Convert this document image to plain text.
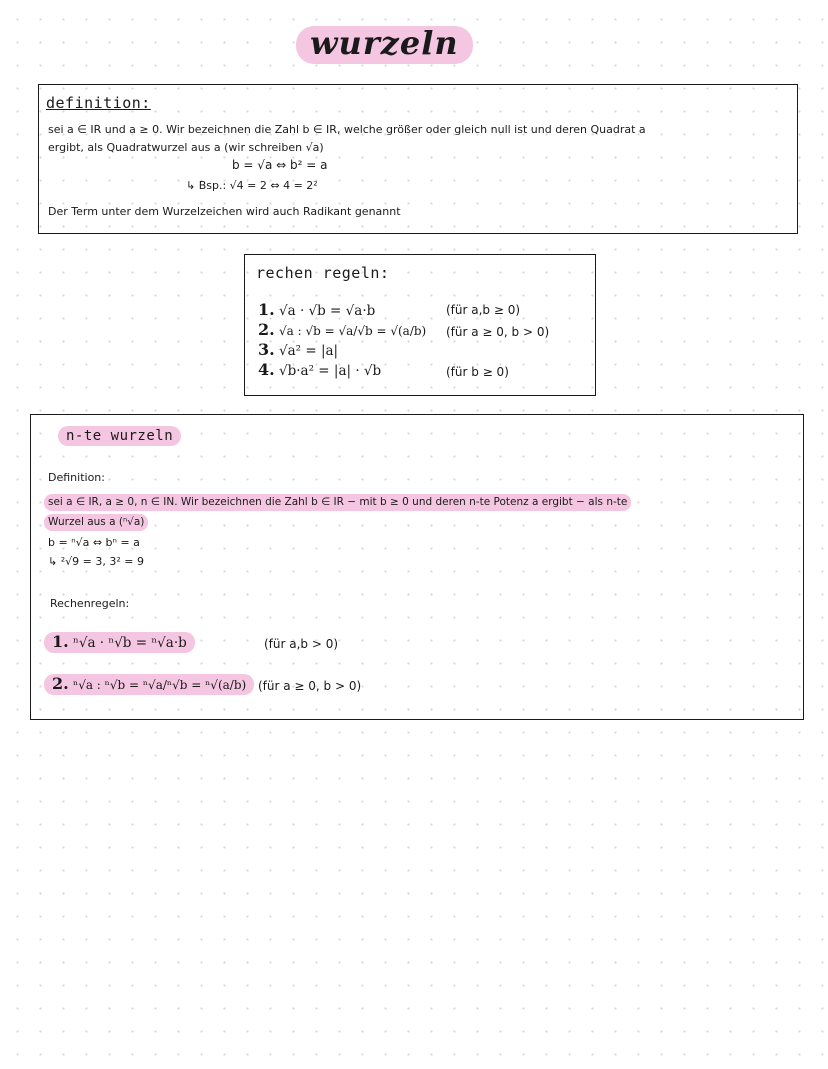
wurzeln
definition:
sei a ∈ IR und a ≥ 0. Wir bezeichnen die Zahl b ∈ IR, welche größer oder gleich null ist und deren Quadrat a
ergibt, als Quadratwurzel aus a (wir schreiben √a)
b = √a ⇔ b² = a
↳ Bsp.: √4 = 2 ⇔ 4 = 2²
Der Term unter dem Wurzelzeichen wird auch Radikant genannt
rechen regeln:
1. √a · √b = √a·b	(für a,b ≥ 0)
2. √a : √b = √a/√b = √(a/b) (für a ≥ 0, b > 0)
3. √a² = |a|
4. √b·a² = |a| · √b	(für b ≥ 0)
n-te wurzeln
Definition:
sei a ∈ IR, a ≥ 0, n ∈ IN. Wir bezeichnen die Zahl b ∈ IR − mit b ≥ 0 und deren n-te Potenz a ergibt − als n-te
Wurzel aus a (ⁿ√a)
b = ⁿ√a ⇔ bⁿ = a
↳ ²√9 = 3, 3² = 9
Rechenregeln:
1. ⁿ√a · ⁿ√b = ⁿ√a·b	(für a,b > 0)
2. ⁿ√a : ⁿ√b = ⁿ√a/ⁿ√b = ⁿ√(a/b) (für a ≥ 0, b > 0)
